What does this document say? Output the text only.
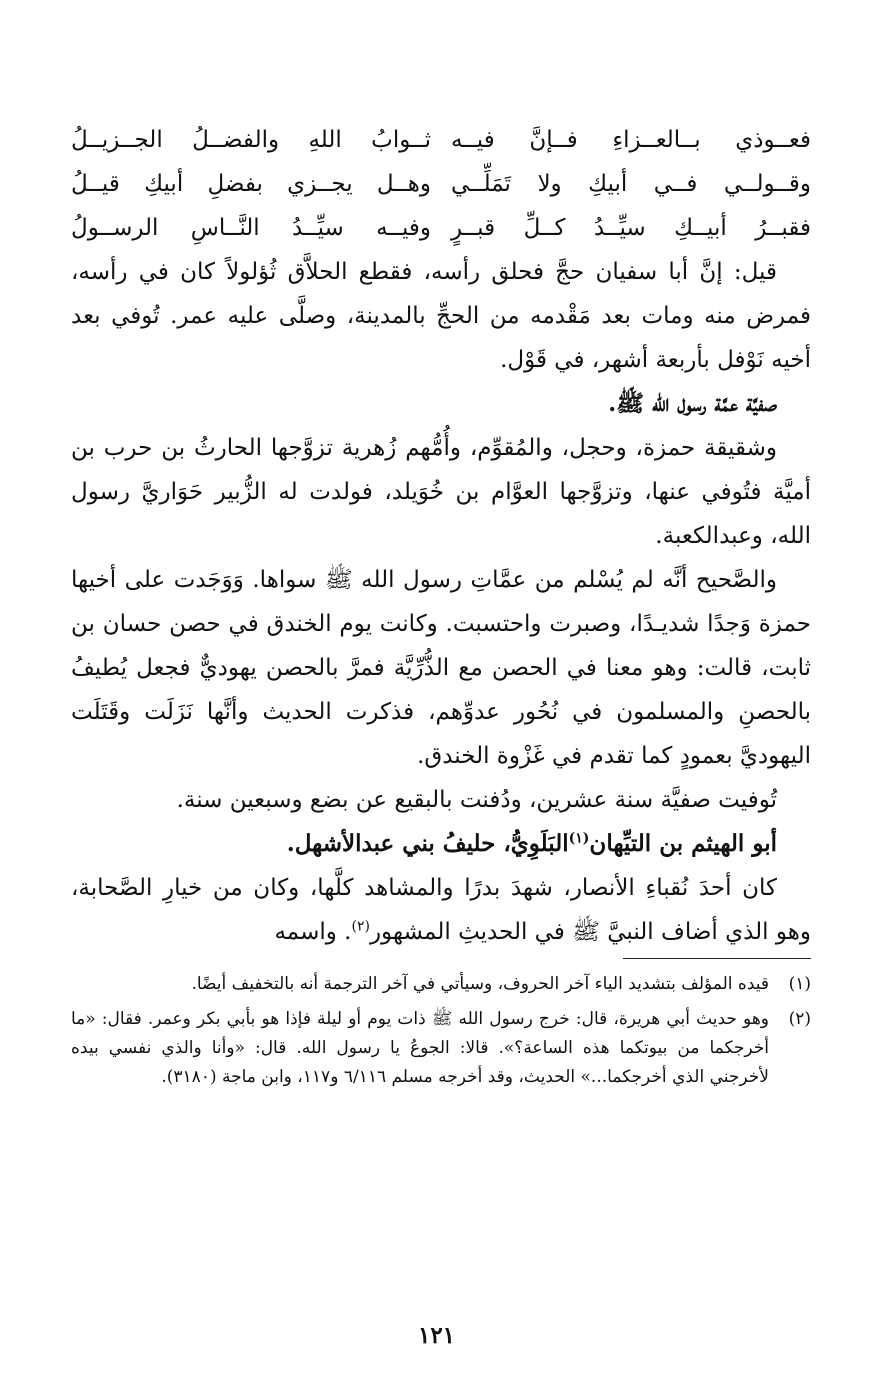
فعــوذي بــالعــزاءِ فــإنَّ فيــه
ثــوابُ اللهِ والفضــلُ الجــزيــلُ
وقــولــي فــي أبيكِ ولا تَمَلِّــي
وهــل يجــزي بفضلِ أبيكِ قيــلُ
فقبــرُ أبيــكِ سيِّــدُ كــلِّ قبــرٍ
وفيــه سيِّــدُ النَّــاسِ الرســولُ

قيل: إنَّ أبا سفيان حجَّ فحلق رأسه، فقطع الحلاَّق ثُؤلولاً كان في رأسه، فمرض منه ومات بعد مَقْدمه من الحجِّ بالمدينة، وصلَّى عليه عمر. تُوفي بعد أخيه نَوْفل بأربعة أشهر، في قَوْل.

صفيَّة عمَّة رسول الله ﷺ.

وشقيقة حمزة، وحجل، والمُقوِّم، وأُمُّهم زُهرية تزوَّجها الحارثُ بن حرب بن أميَّة فتُوفي عنها، وتزوَّجها العوَّام بن خُوَيلد، فولدت له الزُّبير حَوَاريَّ رسول الله، وعبدالكعبة.

والصَّحيح أنَّه لم يُسْلم من عمَّاتِ رسول الله ﷺ سواها. وَوَجَدت على أخيها حمزة وَجدًا شديـدًا، وصبرت واحتسبت. وكانت يوم الخندق في حصن حسان بن ثابت، قالت: وهو معنا في الحصن مع الذُّرِّيَّة فمرَّ بالحصن يهوديٌّ فجعل يُطيفُ بالحصنِ والمسلمون في نُحُور عدوِّهم، فذكرت الحديث وأنَّها نَزَلَت وقَتَلَت اليهوديَّ بعمودٍ كما تقدم في غَزْوة الخندق.

تُوفيت صفيَّة سنة عشرين، ودُفنت بالبقيع عن بضع وسبعين سنة.

أبو الهيثم بن التيِّهان$^{(١)}$البَلَوِيُّ، حليفُ بني عبدالأشهل.

كان أحدَ نُقباءِ الأنصار، شهدَ بدرًا والمشاهد كلَّها، وكان من خيارِ الصَّحابة، وهو الذي أضاف النبيَّ ﷺ في الحديثِ المشهور$^{(٢)}$. واسمه

(١)
قيده المؤلف بتشديد الياء آخر الحروف، وسيأتي في آخر الترجمة أنه بالتخفيف أيضًا.
(٢)
وهو حديث أبي هريرة، قال: خرج رسول الله ﷺ ذات يوم أو ليلة فإذا هو بأبي بكر وعمر. فقال: «ما أخرجكما من بيوتكما هذه الساعة؟». قالا: الجوعُ يا رسول الله. قال: «وأنا والذي نفسي بيده لأخرجني الذي أخرجكما...» الحديث، وقد أخرجه مسلم ٦/١١٦ و١١٧، وابن ماجة (٣١٨٠).
١٢١
